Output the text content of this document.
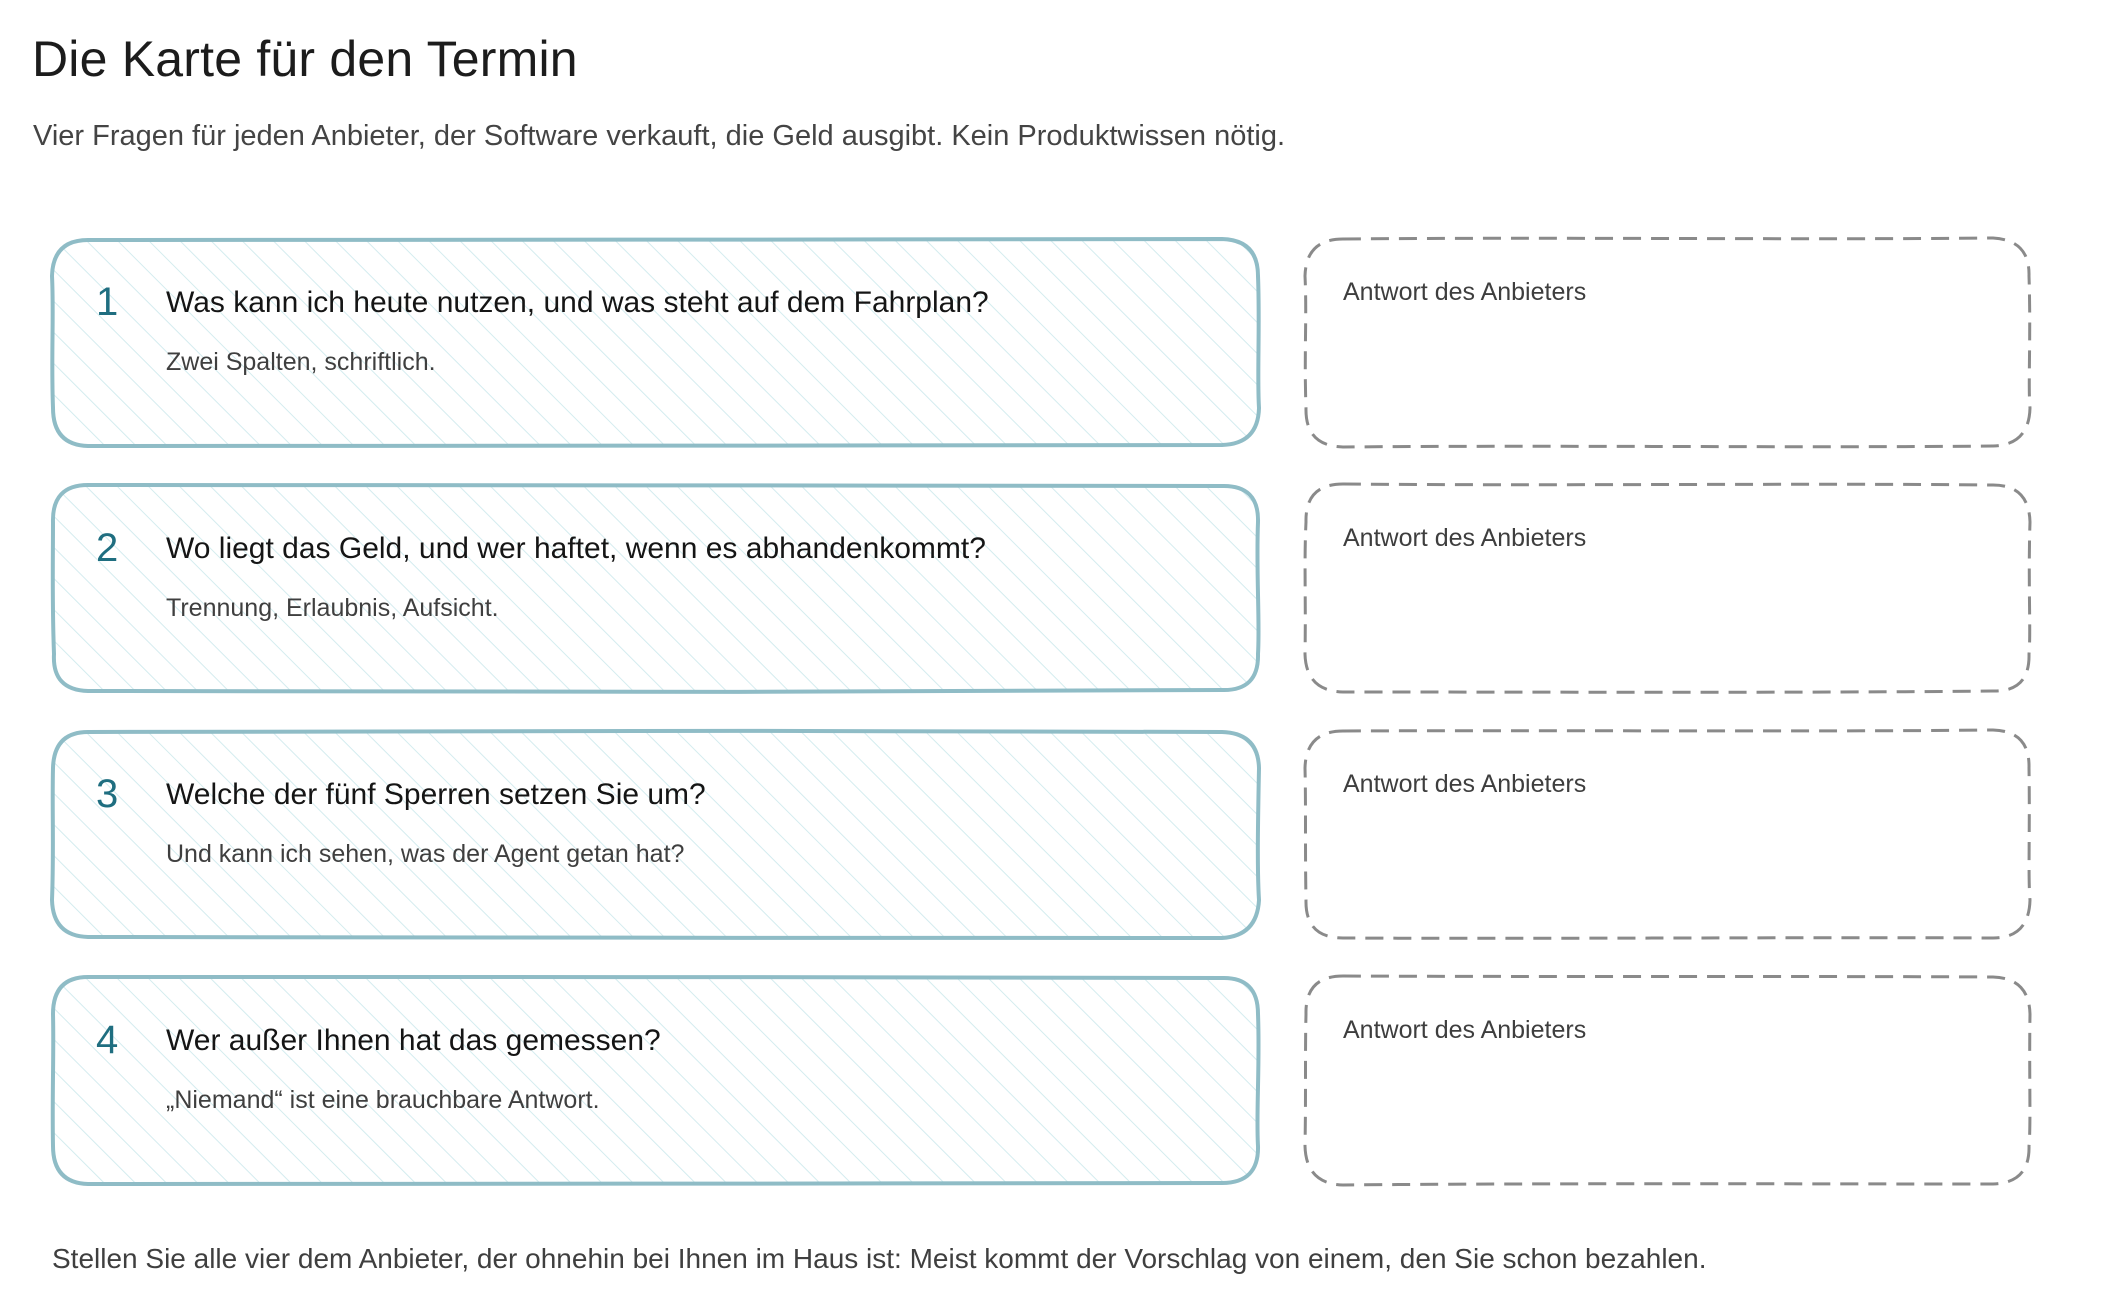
Die Karte für den Termin

Vier Fragen für jeden Anbieter, der Software verkauft, die Geld ausgibt. Kein Produktwissen nötig.

1 Was kann ich heute nutzen, und was steht auf dem Fahrplan?
Zwei Spalten, schriftlich.
Antwort des Anbieters
2 Wo liegt das Geld, und wer haftet, wenn es abhandenkommt?
Trennung, Erlaubnis, Aufsicht.
Antwort des Anbieters
3 Welche der fünf Sperren setzen Sie um?
Und kann ich sehen, was der Agent getan hat?
Antwort des Anbieters
4 Wer außer Ihnen hat das gemessen?
„Niemand“ ist eine brauchbare Antwort.
Antwort des Anbieters

Stellen Sie alle vier dem Anbieter, der ohnehin bei Ihnen im Haus ist: Meist kommt der Vorschlag von einem, den Sie schon bezahlen.
